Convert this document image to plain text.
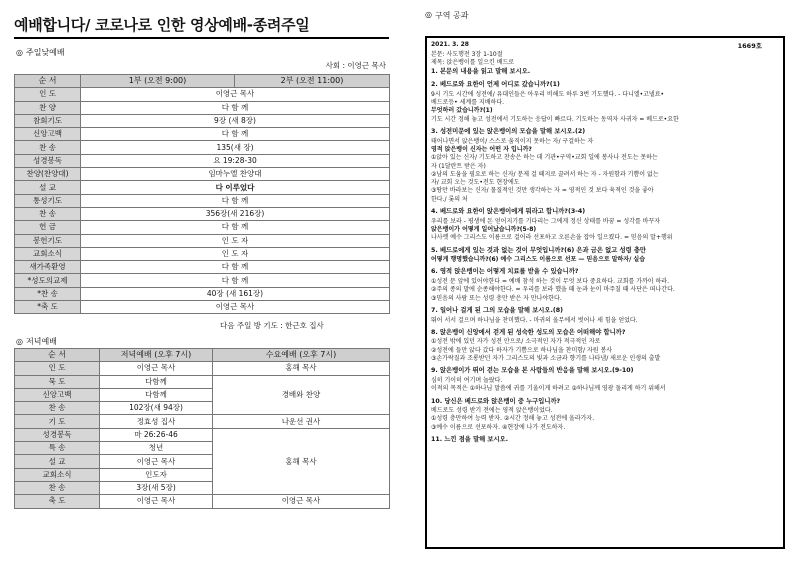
예배합니다/ 코로나로 인한 영상예배-종려주일
◎ 주일낮예배
사회 : 이영근 목사
순 서	1부 (오전 9:00)	2부 (오전 11:00)
인 도	이영근 목사	
찬 양	다 함 께	
참회기도	9장 (새 8장)	
신앙고백	다 함 께	
찬 송	135(새 장)	
성경봉독	요 19:28-30	
찬양(찬양대)	임마누엘 찬양대	
설 교	다 이루었다	
통성기도	다 함 께	
찬 송	356장(새 216장)	
헌 금	다 함 께	
봉헌기도	인 도 자	
교회소식	인 도 자	
새가족환영	다 함 께	
*성도의교제	다 함 께	
*찬 송	40장 (새 161장)	
*축 도	이영근 목사	
다음 주일 방 기도 : 한근호 집사
◎ 저녁예배
순 서	저녁예배 (오후 7시)	수요예배 (오후 7시)
인 도	이영근 목사	홍해 목사
묵 도	다함께	경배와 찬양
신앙고백	다함께	
찬 송	102장(새 94장)	
기 도	정효성 집사	나운선 권사
성경봉독	마 26:26-46	홍해 목사
특 송	청년	
설 교	이영근 목사	
교회소식	인도자	
찬 송	3장(새 5장)	
축 도	이영근 목사	이영근 목사
◎ 구역 공과
2021. 3. 28	1669호
본문: 사도행전 3장 1-10절
제목: 앉은뱅이를 일으킨 베드로
1. 본문의 내용을 읽고 말해 보시오.
2. 베드로와 요한이 언제 어디로 갔습니까?(1)
9시 기도 시간에 성전에/ 유대인들은 아우리 비해도 하루 3번 기도했다. - 다니엘•고넬료•
베드로등• 세계를 지배하다.
무엇하러 갔습니까?(1)
기도 시간 정해 놓고 성전에서 기도하는 응답이 빠르다. 기도하는 동역자 사귀자 = 베드로•요한
3. 성전미문에 있는 앉은뱅이의 모습을 말해 보시오.(2)
태어나면서 앉은뱅이/ 스스로 움직이지 못하는 자/ 구걸하는 자
영적 앉은뱅이 신자는 어떤 자 입니까?
①앉아 있는 신자/ 기도하고 찬송은 하는 데 기관•구역•교회 일에 봉사나 전도는 못하는
자 (1달란트 받은 자)
②남의 도움을 필요로 하는 신자/ 문제 걸 떼지로 끌려서 하는 자 - 자원함과 기쁨이 없는
자/ 교회 오는 것도•전도 현장에도
③땅만 바라보는 신자/ 물질적인 것만 생각하는 자 = 영적인 것 보다 육적인 것을 좋아
한다./ 롯의 처
4. 베드로와 요한이 앉은뱅이에게 뭐라고 합니까?(3-4)
우리를 보라 - 평생에 돈 얻어지기를 기다리는 그에게 정신 상태를 바꿈 = 성각를 바꾸자
앉은뱅이가 어떻게 일어났습니까?(5-8)
나사렛 예수 그리스도 이름으로 걸어라 선포하고 오른손을 잡아 일으켰다. = 믿음의 말+행위
5. 베드로에게 있는 것과 없는 것이 무엇입니까?(6) 은과 금은 없고 성령 충만
어떻게 행명했습니까?(6) 예수 그리스도 이름으로 선포 — 믿음으로 말하자/ 실습
6. 영적 앉은뱅이는 어떻게 치료를 받을 수 있습니까?
①성전 문 앞에 있어야한다 = 예배 참석 하는 것이 무엇 보다 중요하다. 교회를 가까이 하라.
②주의 종의 말에 순종해야한다. = 우리를 보라 했을 때 눈과 눈이 마주칠 때 사단은 떠나간다.
③믿음의 사람 또는 성령 충만 받은 자 만나야한다.
7. 일어나 걸게 된 그의 모습을 말해 보시오.(8)
뛰어 서서 걸으며 하나님을 찬미했다. - 마귀의 올무에서 벗어나 새 힘을 얻었다.
8. 앉은뱅이 신앙에서 걷게 된 성숙한 성도의 모습은 어떠해야 합니까?
①성전 밖에 있던 자가 성전 안으로/ 소극적인 자가 적극적인 자로
②성전에 들만 앉다 갔다 하자가 기쁨으로 하나님을 찬미함/ 자원 봉사
③손가락질과 조롱받던 자가 그리스도의 빛과 소금과 향기를 나타냄/ 새로운 인생의 출발
9. 앉은뱅이가 뛰어 걷는 모습을 본 사람들의 반응을 말해 보시오.(9-10)
심히 기이히 여기며 놀랐다.
이적의 목적은 ①하나님 말씀에 귀를 기울이게 하려고 ②하나님께 영광 돌리게 하기 위해서
10. 당신은 베드로와 앉은뱅이 중 누구입니까?
베드로도 성령 받기 전에는 영적 앉은뱅이었다.
①성령 충만하여 능력 받자. ②시간 정해 놓고 성전에 올라가자.
③예수 이름으로 선포하자. ④현장에 나가 전도하자.
11. 느낀 점을 말해 보시오.
